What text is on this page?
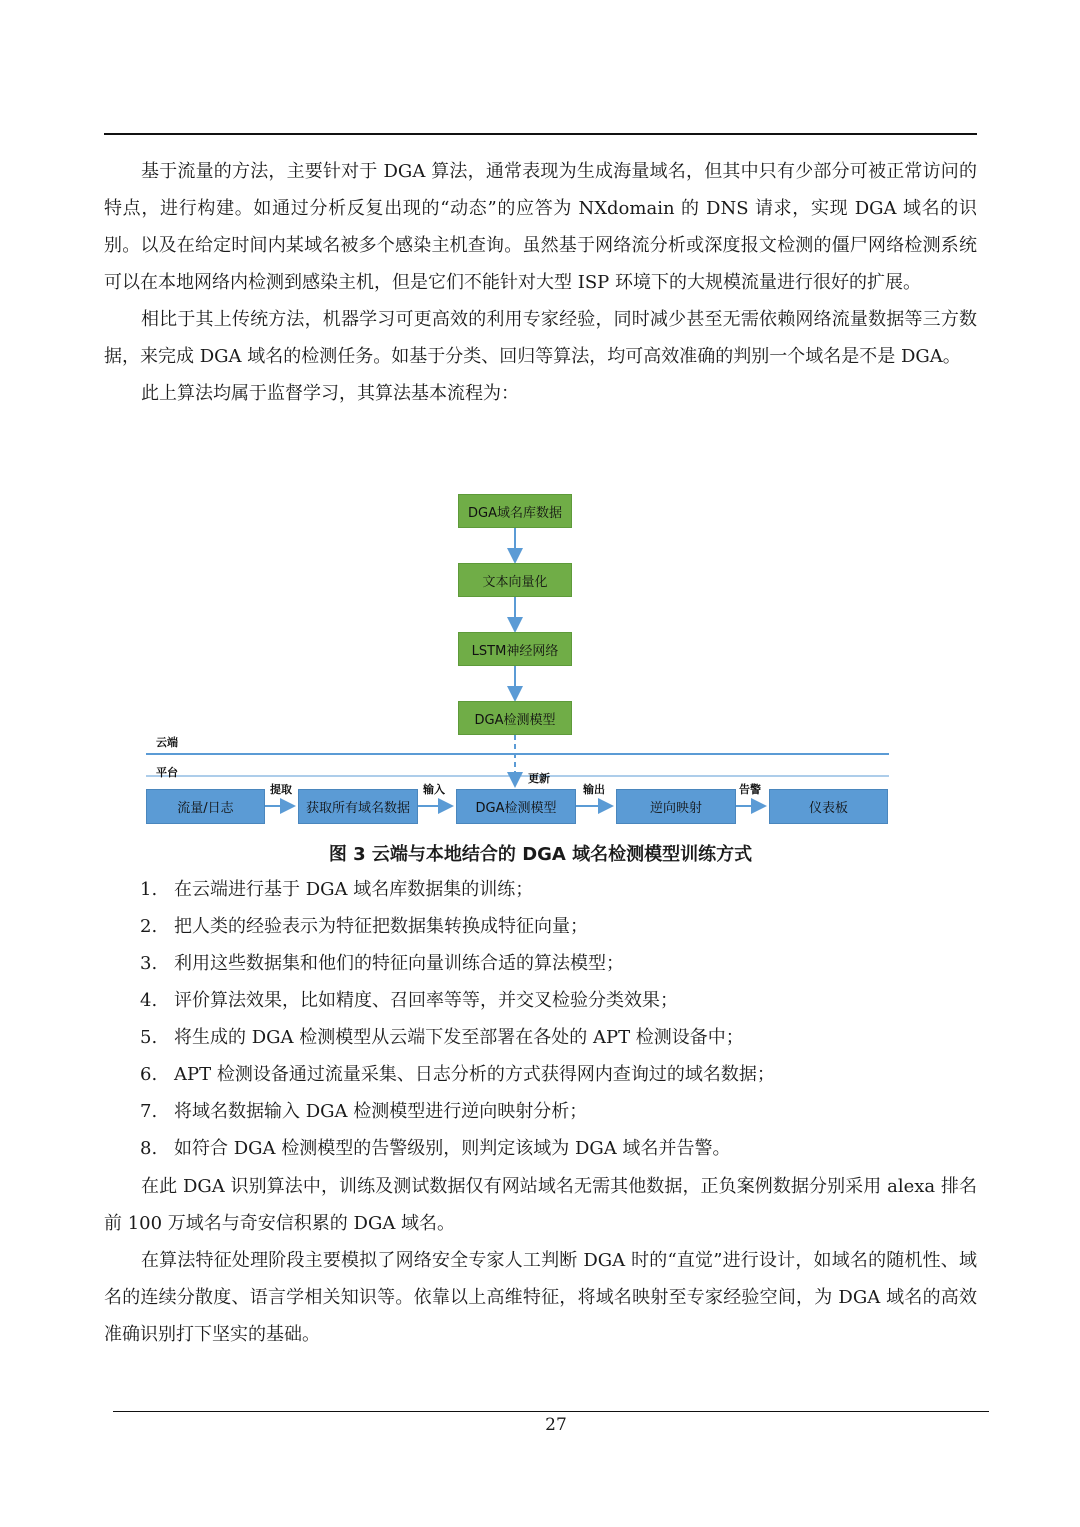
基于流量的方法，主要针对于 DGA 算法，通常表现为生成海量域名，但其中只有少部分可被正常访问的特点，进行构建。如通过分析反复出现的“动态”的应答为 NXdomain 的 DNS 请求，实现 DGA 域名的识别。以及在给定时间内某域名被多个感染主机查询。虽然基于网络流分析或深度报文检测的僵尸网络检测系统可以在本地网络内检测到感染主机，但是它们不能针对大型 ISP 环境下的大规模流量进行很好的扩展。

相比于其上传统方法，机器学习可更高效的利用专家经验，同时减少甚至无需依赖网络流量数据等三方数据，来完成 DGA 域名的检测任务。如基于分类、回归等算法，均可高效准确的判别一个域名是不是 DGA。

此上算法均属于监督学习，其算法基本流程为：

DGA域名库数据
文本向量化
LSTM神经网络
DGA检测模型
云端
平台	更新
提取	输入	输出	告警
流量/日志	获取所有域名数据	DGA检测模型	逆向映射	仪表板
图 3 云端与本地结合的 DGA 域名检测模型训练方式
1. 在云端进行基于 DGA 域名库数据集的训练；
2. 把人类的经验表示为特征把数据集转换成特征向量；
3. 利用这些数据集和他们的特征向量训练合适的算法模型；
4. 评价算法效果，比如精度、召回率等等，并交叉检验分类效果；
5. 将生成的 DGA 检测模型从云端下发至部署在各处的 APT 检测设备中；
6. APT 检测设备通过流量采集、日志分析的方式获得网内查询过的域名数据；
7. 将域名数据输入 DGA 检测模型进行逆向映射分析；
8. 如符合 DGA 检测模型的告警级别，则判定该域为 DGA 域名并告警。

在此 DGA 识别算法中，训练及测试数据仅有网站域名无需其他数据，正负案例数据分别采用 alexa 排名前 100 万域名与奇安信积累的 DGA 域名。

在算法特征处理阶段主要模拟了网络安全专家人工判断 DGA 时的“直觉”进行设计，如域名的随机性、域名的连续分散度、语言学相关知识等。依靠以上高维特征，将域名映射至专家经验空间，为 DGA 域名的高效准确识别打下坚实的基础。

27
